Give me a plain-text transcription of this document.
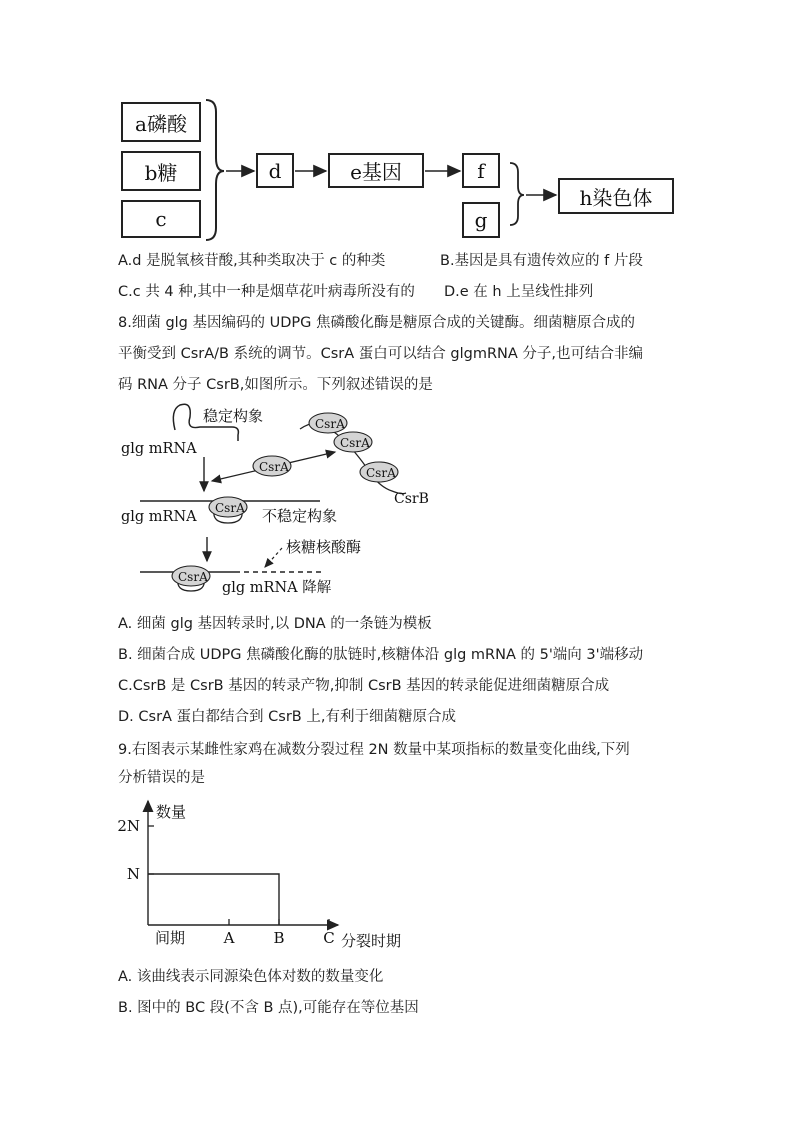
a磷酸
b糖
c
d	e基因	f
g
h染色体
A.d 是脱氧核苷酸,其种类取决于 c 的种类	B.基因是具有遗传效应的 f 片段
C.c 共 4 种,其中一种是烟草花叶病毒所没有的 D.e 在 h 上呈线性排列
8.细菌 glg 基因编码的 UDPG 焦磷酸化酶是糖原合成的关键酶。细菌糖原合成的
平衡受到 CsrA/B 系统的调节。CsrA 蛋白可以结合 glgmRNA 分子,也可结合非编
码 RNA 分子 CsrB,如图所示。下列叙述错误的是
稳定构象
glg mRNA
CsrA
CsrA
CsrA
CsrB
CsrA
CsrA
glg mRNA	不稳定构象
CsrA
核糖核酸酶
glg mRNA 降解
A. 细菌 glg 基因转录时,以 DNA 的一条链为模板
B. 细菌合成 UDPG 焦磷酸化酶的肽链时,核糖体沿 glg mRNA 的 5'端向 3'端移动
C.CsrB 是 CsrB 基因的转录产物,抑制 CsrB 基因的转录能促进细菌糖原合成
D. CsrA 蛋白都结合到 CsrB 上,有利于细菌糖原合成
9.右图表示某雌性家鸡在减数分裂过程 2N 数量中某项指标的数量变化曲线,下列
分析错误的是
数量
分裂时期
2N
N
间期	A	B	C
A. 该曲线表示同源染色体对数的数量变化
B. 图中的 BC 段(不含 B 点),可能存在等位基因
